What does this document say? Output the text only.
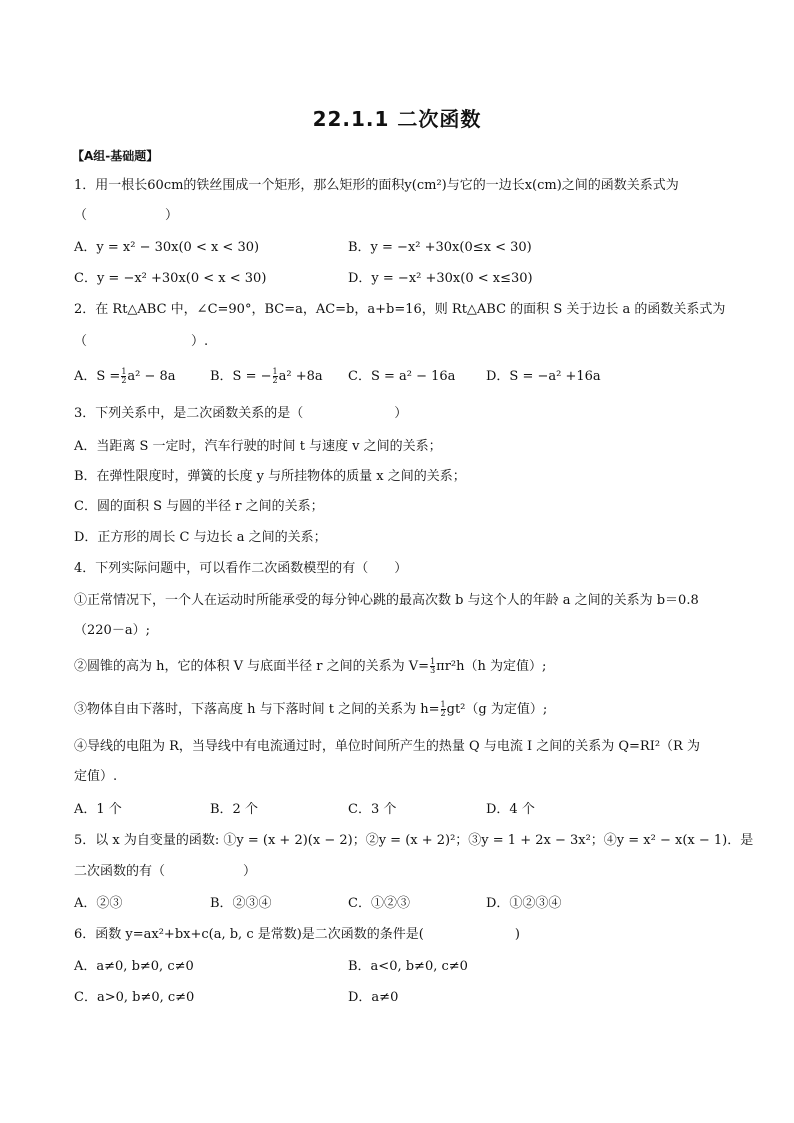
22.1.1 二次函数
【A组-基础题】
1．用一根长60cm的铁丝围成一个矩形，那么矩形的面积y(cm²)与它的一边长x(cm)之间的函数关系式为
（　　　　　　）
A．y = x² − 30x(0 < x < 30)	B．y = −x² +30x(0≤x < 30)
C．y = −x² +30x(0 < x < 30)	D．y = −x² +30x(0 < x≤30)
2．在 Rt△ABC 中，∠C=90°，BC=a，AC=b，a+b=16，则 Rt△ABC 的面积 S 关于边长 a 的函数关系式为
（　　　　　　　　）.
A．$S = \frac{1}{2} a^2 - 8a$	B．S = − $\frac{1}{2} a^2 +8a$ C．S = a² − 16a D．S = −a² +16a
3．下列关系中，是二次函数关系的是（　　　　　　　）
A．当距离 S 一定时，汽车行驶的时间 t 与速度 v 之间的关系；
B．在弹性限度时，弹簧的长度 y 与所挂物体的质量 x 之间的关系；
C．圆的面积 S 与圆的半径 r 之间的关系；
D．正方形的周长 C 与边长 a 之间的关系；
4．下列实际问题中，可以看作二次函数模型的有（　　）
①正常情况下，一个人在运动时所能承受的每分钟心跳的最高次数 b 与这个人的年龄 a 之间的关系为 b＝0.8
（220－a）;
②圆锥的高为 h，它的体积 V 与底面半径 r 之间的关系为 $V= \frac{1}{3} \pi r^2h(h$ 为定值）;
③物体自由下落时，下落高度 h 与下落时间 t 之间的关系为 $h= \frac{1}{2} gt^2(g$ 为定值）;
④导线的电阻为 R，当导线中有电流通过时，单位时间所产生的热量 Q 与电流 I 之间的关系为 Q=RI²（R 为
定值）.
A．1 个	B．2 个	C．3 个	D．4 个
5．以 x 为自变量的函数: ①y = (x + 2)(x − 2)；②y = (x + 2)²；③y = 1 + 2x − 3x²；④y = x² − x(x − 1)．是
二次函数的有（　　　　　　）
A．②③	B．②③④	C．①②③	D．①②③④
6．函数 y=ax²+bx+c(a, b, c 是常数)是二次函数的条件是(　　　　　　　)
A．a≠0, b≠0, c≠0	B．a<0, b≠0, c≠0
C．a>0, b≠0, c≠0	D．a≠0
